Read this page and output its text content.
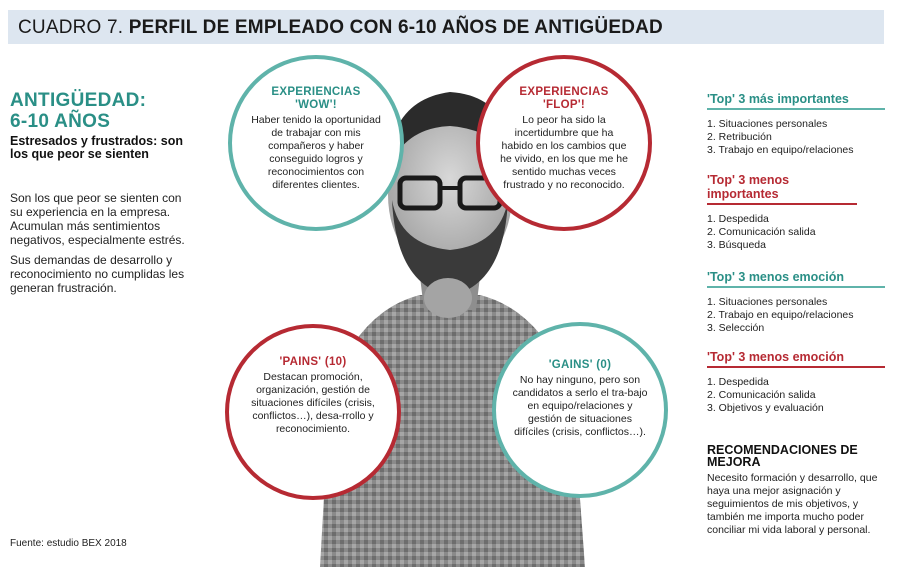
CUADRO 7. PERFIL DE EMPLEADO CON 6-10 AÑOS DE ANTIGÜEDAD
ANTIGÜEDAD:
6-10 AÑOS
Estresados y frustrados: son los que peor se sienten

Son los que peor se sienten con su experiencia en la empresa. Acumulan más sentimientos negativos, especialmente estrés.

Sus demandas de desarrollo y reconocimiento no cumplidas les generan frustración.

Fuente: estudio BEX 2018
EXPERIENCIAS
'WOW'!
Haber tenido la oportunidad de trabajar con mis compañeros y haber conseguido logros y reconocimientos con diferentes clientes.
EXPERIENCIAS
'FLOP'!
Lo peor ha sido la incertidumbre que ha habido en los cambios que he vivido, en los que me he sentido muchas veces frustrado y no reconocido.
'PAINS' (10)
Destacan promoción, organización, gestión de situaciones difíciles (crisis, conflictos…), desa-rrollo y reconocimiento.
'GAINS' (0)
No hay ninguno, pero son candidatos a serlo el tra-bajo en equipo/relaciones y gestión de situaciones difíciles (crisis, conflictos…).
'Top' 3 más importantes
1. Situaciones personales
2. Retribución
3. Trabajo en equipo/relaciones
'Top' 3 menos importantes
1. Despedida
2. Comunicación salida
3. Búsqueda
'Top' 3 menos emoción
1. Situaciones personales
2. Trabajo en equipo/relaciones
3. Selección
'Top' 3 menos emoción
1. Despedida
2. Comunicación salida
3. Objetivos y evaluación
RECOMENDACIONES DE MEJORA
Necesito formación y desarrollo, que haya una mejor asignación y seguimientos de mis objetivos, y también me importa mucho poder conciliar mi vida laboral y personal.
